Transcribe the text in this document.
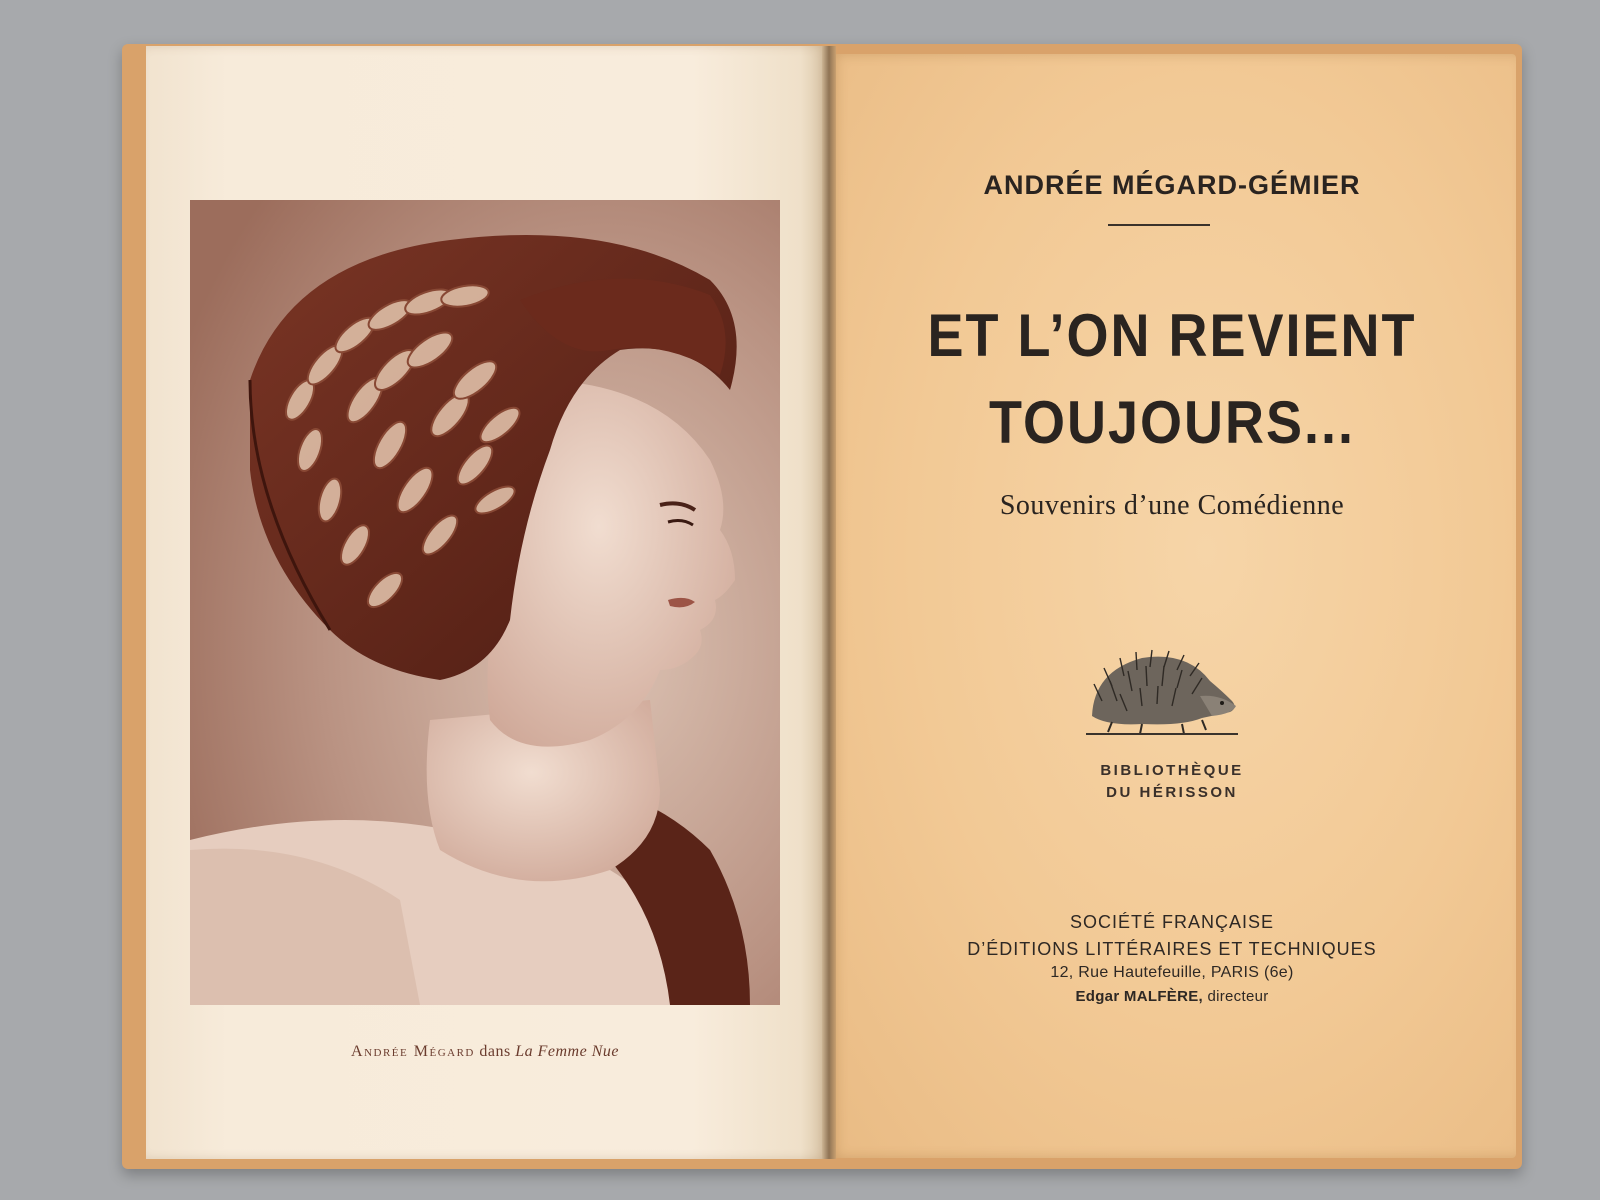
Andrée Mégard dans La Femme Nue
ANDRÉE MÉGARD-GÉMIER
ET L’ON REVIENT
TOUJOURS...
Souvenirs d’une Comédienne
BIBLIOTHÈQUE
DU HÉRISSON
SOCIÉTÉ FRANÇAISE
D’ÉDITIONS LITTÉRAIRES ET TECHNIQUES
12, Rue Hautefeuille, PARIS (6e)
Edgar MALFÈRE, directeur
